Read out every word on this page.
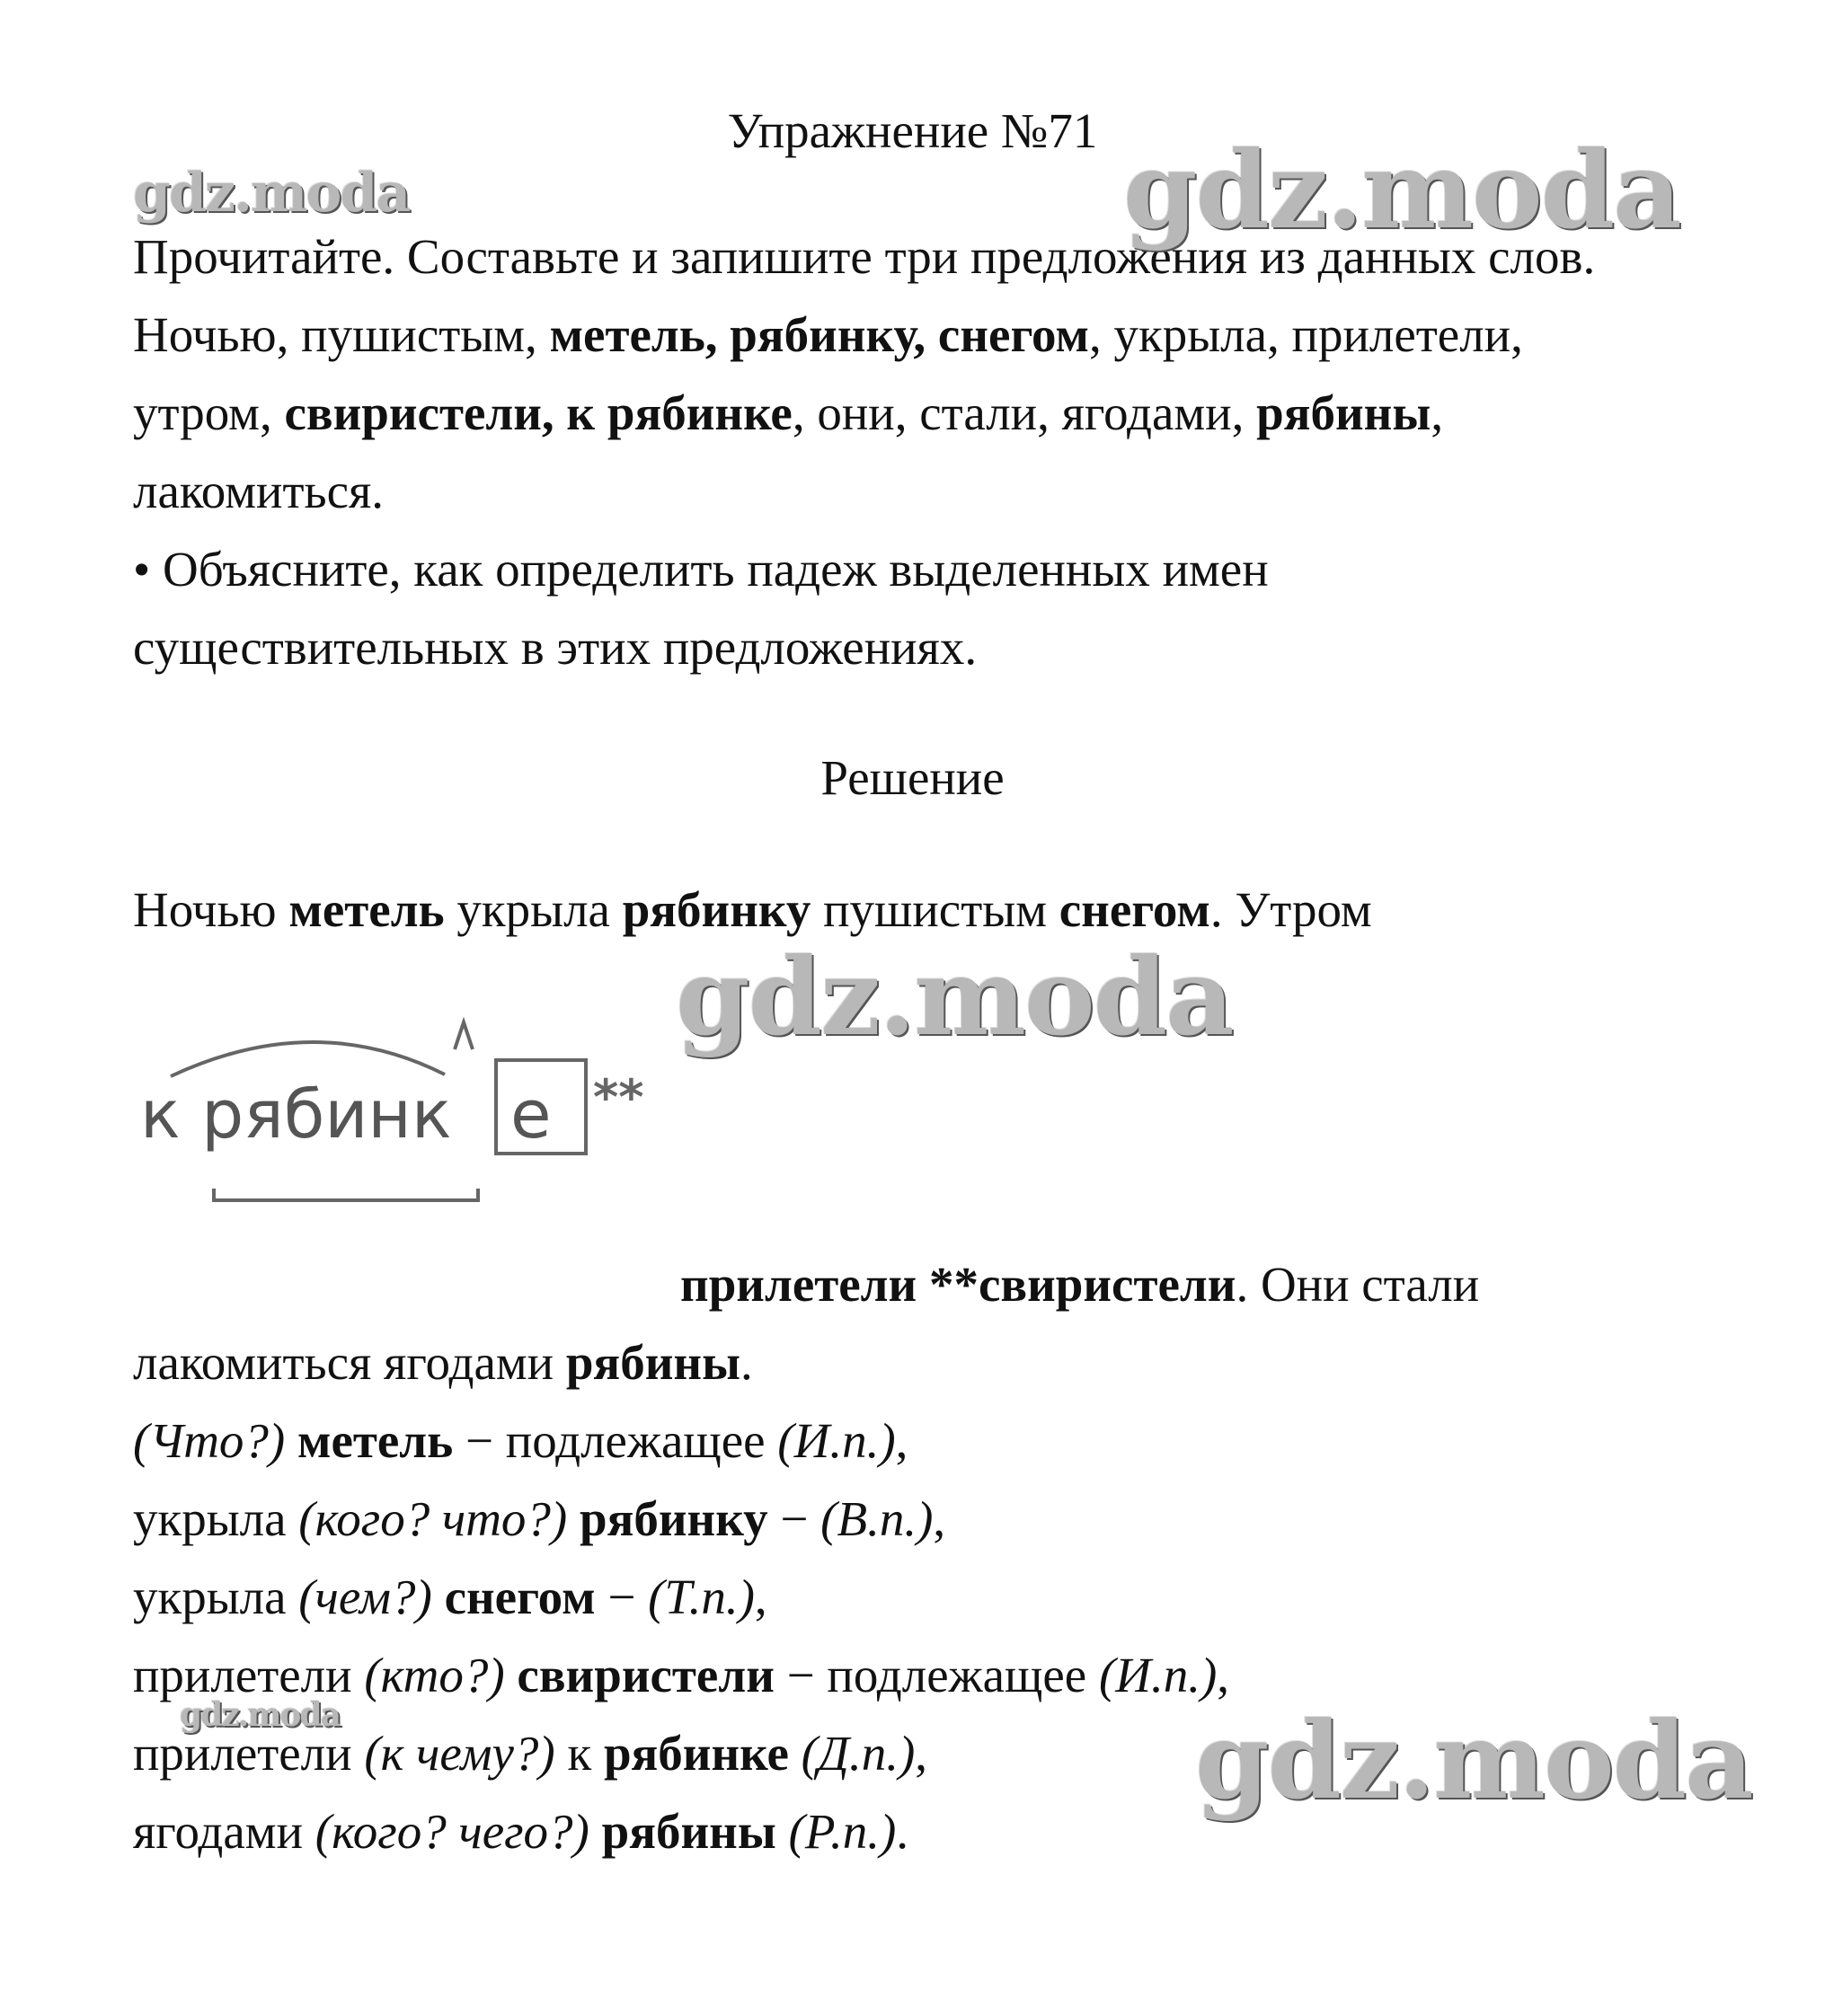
Упражнение №71
Прочитайте. Составьте и запишите три предложения из данных слов.
Ночью, пушистым, метель, рябинку, снегом, укрыла, прилетели,
утром, свиристели, к рябинке, они, стали, ягодами, рябины,
лакомиться.
• Объясните, как определить падеж выделенных имен
существительных в этих предложениях.
Решение
Ночью метель укрыла рябинку пушистым снегом. Утром
к рябинк е **
прилетели **свиристели. Они стали
лакомиться ягодами рябины.
(Что?) метель − подлежащее (И.п.),
укрыла (кого? что?) рябинку − (В.п.),
укрыла (чем?) снегом − (Т.п.),
прилетели (кто?) свиристели − подлежащее (И.п.),
прилетели (к чему?) к рябинке (Д.п.),
ягодами (кого? чего?) рябины (Р.п.).
gdz.moda	gdz.moda
gdz.moda
gdz.moda	gdz.moda
